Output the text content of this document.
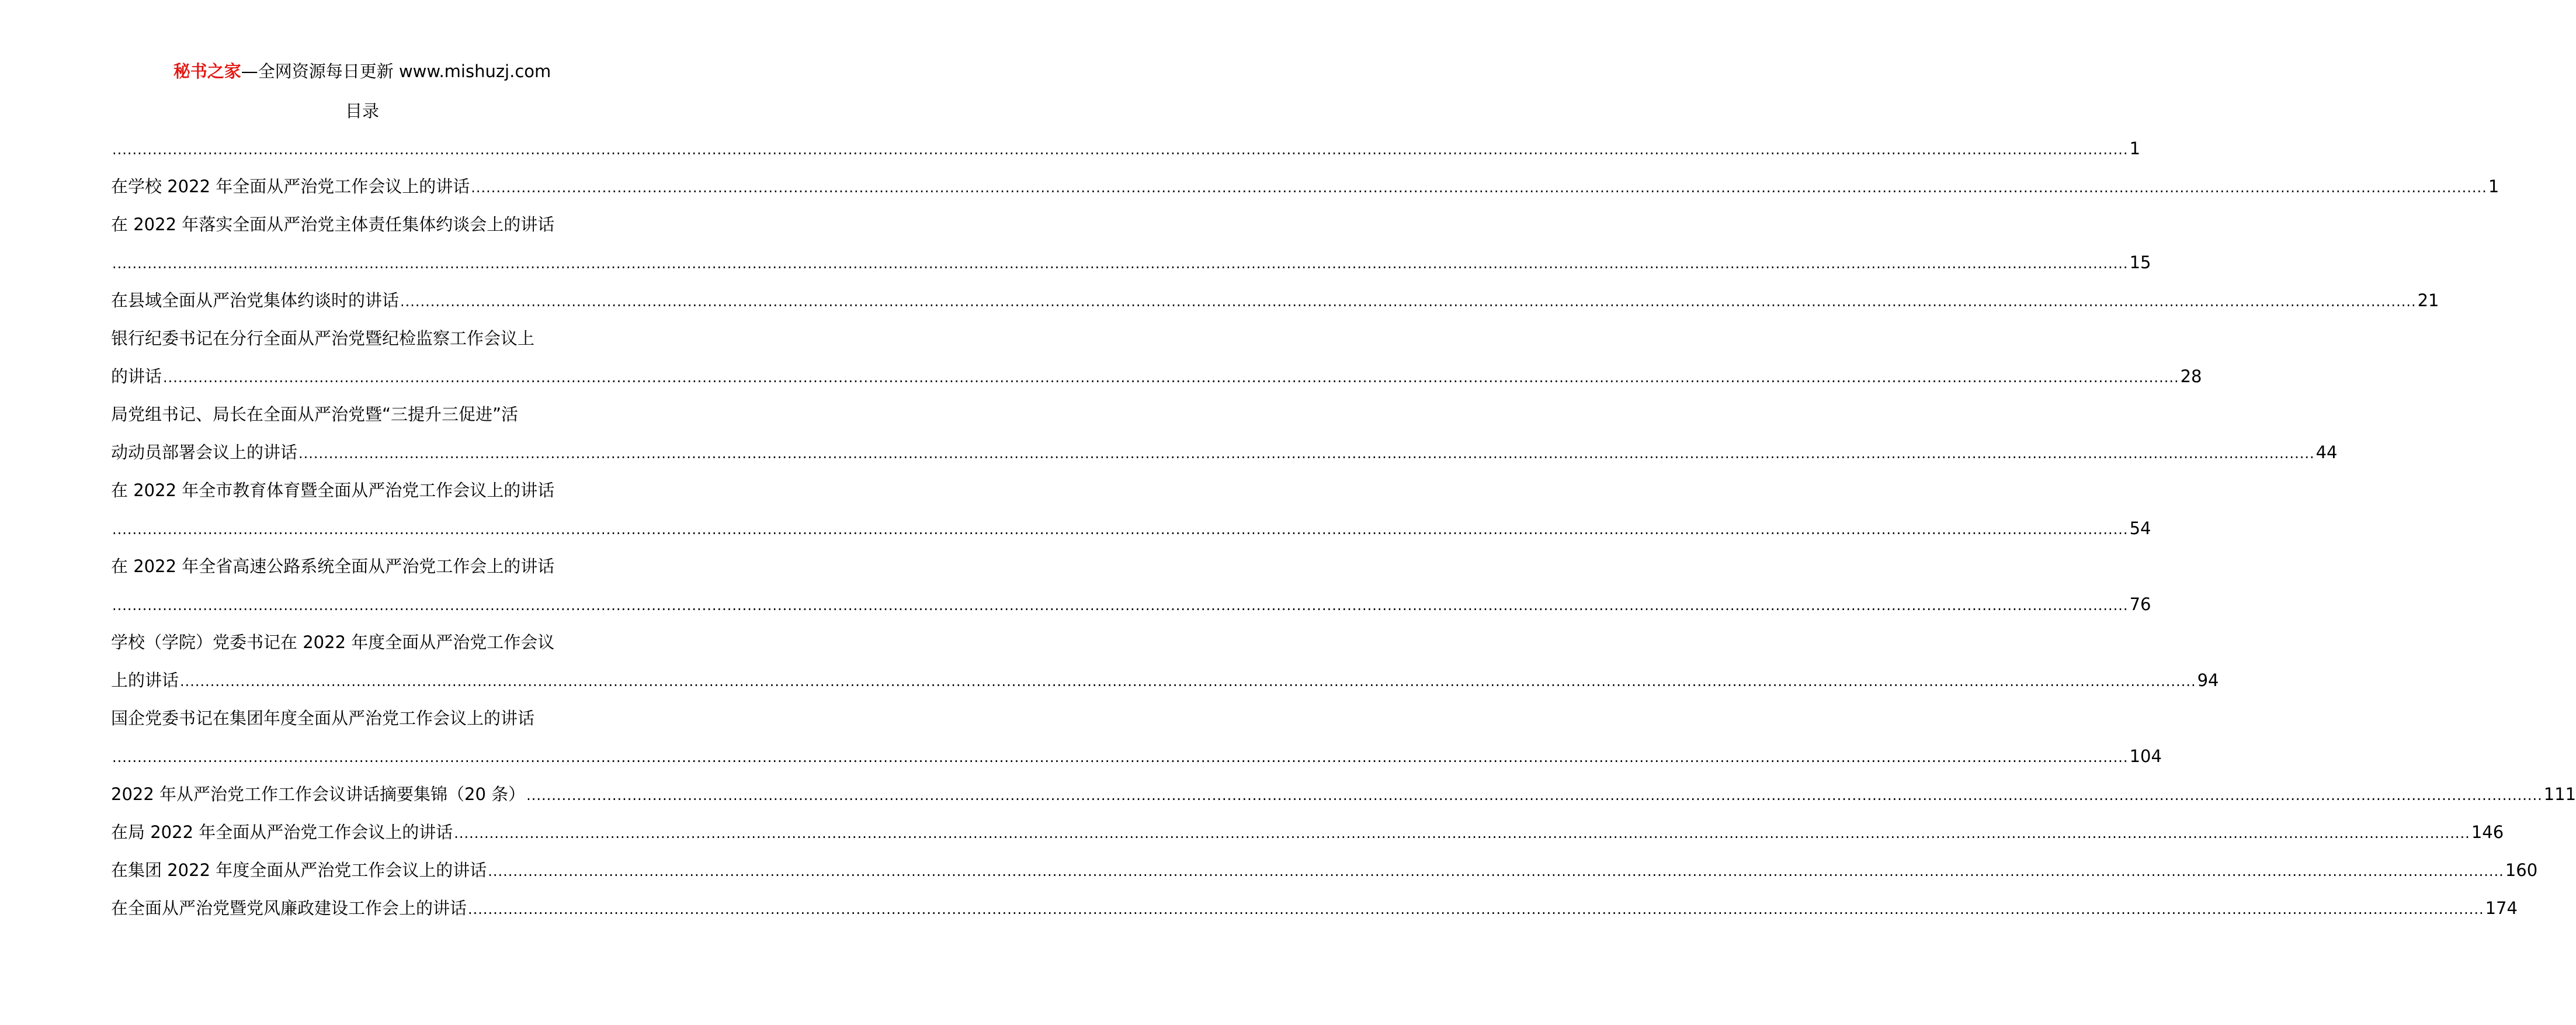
秘书之家—全网资源每日更新 www.mishuzj.com
目录
................................................................................................................................................................................................................................................................................................................................................................................................................ 1
在学校 2022 年全面从严治党工作会议上的讲话 ................................................................................................................................................................................................................................................................................................................................................................................................................ 1
在 2022 年落实全面从严治党主体责任集体约谈会上的讲话
................................................................................................................................................................................................................................................................................................................................................................................................................ 15
在县域全面从严治党集体约谈时的讲话 ................................................................................................................................................................................................................................................................................................................................................................................................................ 21
银行纪委书记在分行全面从严治党暨纪检监察工作会议上
的讲话 ................................................................................................................................................................................................................................................................................................................................................................................................................ 28
局党组书记、局长在全面从严治党暨“三提升三促进”活
动动员部署会议上的讲话 ................................................................................................................................................................................................................................................................................................................................................................................................................ 44
在 2022 年全市教育体育暨全面从严治党工作会议上的讲话
................................................................................................................................................................................................................................................................................................................................................................................................................ 54
在 2022 年全省高速公路系统全面从严治党工作会上的讲话
................................................................................................................................................................................................................................................................................................................................................................................................................ 76
学校（学院）党委书记在 2022 年度全面从严治党工作会议
上的讲话 ................................................................................................................................................................................................................................................................................................................................................................................................................ 94
国企党委书记在集团年度全面从严治党工作会议上的讲话
................................................................................................................................................................................................................................................................................................................................................................................................................ 104
2022 年从严治党工作工作会议讲话摘要集锦（20 条） ................................................................................................................................................................................................................................................................................................................................................................................................................ 111
在局 2022 年全面从严治党工作会议上的讲话 ................................................................................................................................................................................................................................................................................................................................................................................................................ 146
在集团 2022 年度全面从严治党工作会议上的讲话 ................................................................................................................................................................................................................................................................................................................................................................................................................ 160
在全面从严治党暨党风廉政建设工作会上的讲话 ................................................................................................................................................................................................................................................................................................................................................................................................................ 174
